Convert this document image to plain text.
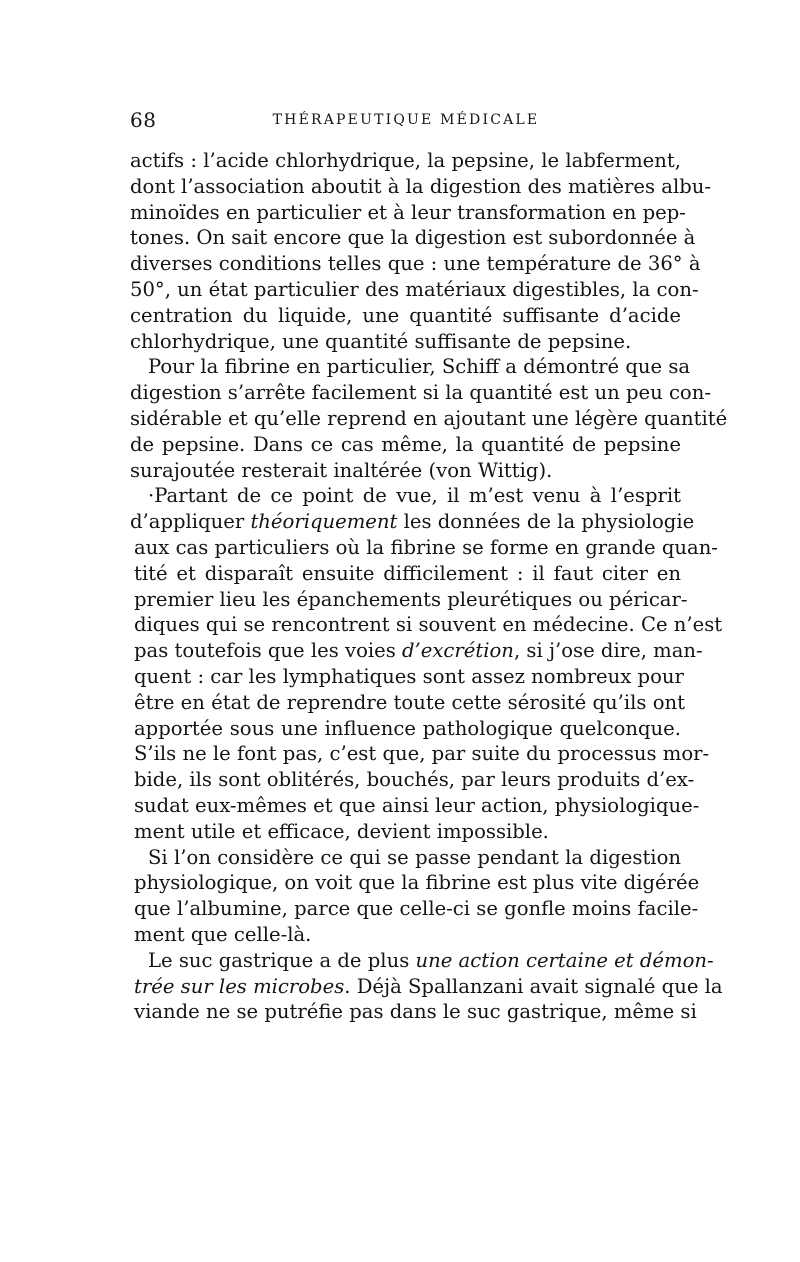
68	THÉRAPEUTIQUE MÉDICALE
actifs : l’acide chlorhydrique, la pepsine, le labferment,
dont l’association aboutit à la digestion des matières albu-
minoïdes en particulier et à leur transformation en pep-
tones. On sait encore que la digestion est subordonnée à
diverses conditions telles que : une température de 36° à
50°, un état particulier des matériaux digestibles, la con-
centration du liquide, une quantité suffisante d’acide
chlorhydrique, une quantité suffisante de pepsine.
Pour la fibrine en particulier, Schiff a démontré que sa
digestion s’arrête facilement si la quantité est un peu con-
sidérable et qu’elle reprend en ajoutant une légère quantité
de pepsine. Dans ce cas même, la quantité de pepsine
surajoutée resterait inaltérée (von Wittig).
·Partant de ce point de vue, il m’est venu à l’esprit
d’appliquer théoriquement les données de la physiologie
aux cas particuliers où la fibrine se forme en grande quan-
tité et disparaît ensuite difficilement : il faut citer en
premier lieu les épanchements pleurétiques ou péricar-
diques qui se rencontrent si souvent en médecine. Ce n’est
pas toutefois que les voies d’excrétion, si j’ose dire, man-
quent : car les lymphatiques sont assez nombreux pour
être en état de reprendre toute cette sérosité qu’ils ont
apportée sous une influence pathologique quelconque.
S’ils ne le font pas, c’est que, par suite du processus mor-
bide, ils sont oblitérés, bouchés, par leurs produits d’ex-
sudat eux-mêmes et que ainsi leur action, physiologique-
ment utile et efficace, devient impossible.
Si l’on considère ce qui se passe pendant la digestion
physiologique, on voit que la fibrine est plus vite digérée
que l’albumine, parce que celle-ci se gonfle moins facile-
ment que celle-là.
Le suc gastrique a de plus une action certaine et démon-
trée sur les microbes. Déjà Spallanzani avait signalé que la
viande ne se putréfie pas dans le suc gastrique, même si
